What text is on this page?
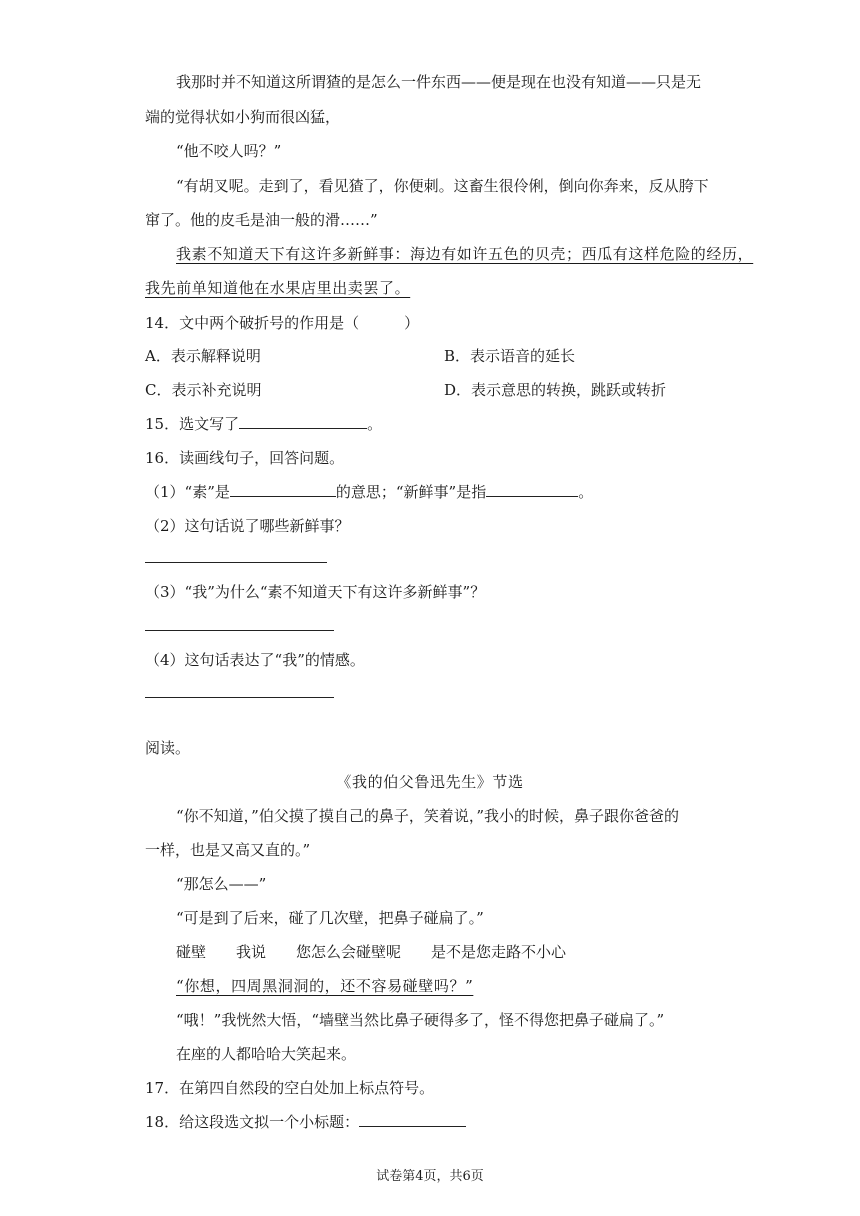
我那时并不知道这所谓猹的是怎么一件东西——便是现在也没有知道——只是无
端的觉得状如小狗而很凶猛，
“他不咬人吗？”
“有胡叉呢。走到了，看见猹了，你便刺。这畜生很伶俐，倒向你奔来，反从胯下
窜了。他的皮毛是油一般的滑……”
我素不知道天下有这许多新鲜事：海边有如许五色的贝壳；西瓜有这样危险的经历，
我先前单知道他在水果店里出卖罢了。
14．文中两个破折号的作用是（　　　）
A．表示解释说明	B．表示语音的延长
C．表示补充说明	D．表示意思的转换，跳跃或转折
15．选文写了	。
16．读画线句子，回答问题。
（1）“素”是	的意思；“新鲜事”是指	。
（2）这句话说了哪些新鲜事？
（3）“我”为什么“素不知道天下有这许多新鲜事”？
（4）这句话表达了“我”的情感。
阅读。
《我的伯父鲁迅先生》节选
“你不知道，”伯父摸了摸自己的鼻子，笑着说，”我小的时候，鼻子跟你爸爸的
一样，也是又高又直的。”
“那怎么——”
“可是到了后来，碰了几次壁，把鼻子碰扁了。”
碰壁　　我说　　您怎么会碰壁呢　　是不是您走路不小心
“你想，四周黑洞洞的，还不容易碰壁吗？”
“哦！”我恍然大悟，“墙壁当然比鼻子硬得多了，怪不得您把鼻子碰扁了。”
在座的人都哈哈大笑起来。
17．在第四自然段的空白处加上标点符号。
18．给这段选文拟一个小标题：
试卷第4页，共6页
